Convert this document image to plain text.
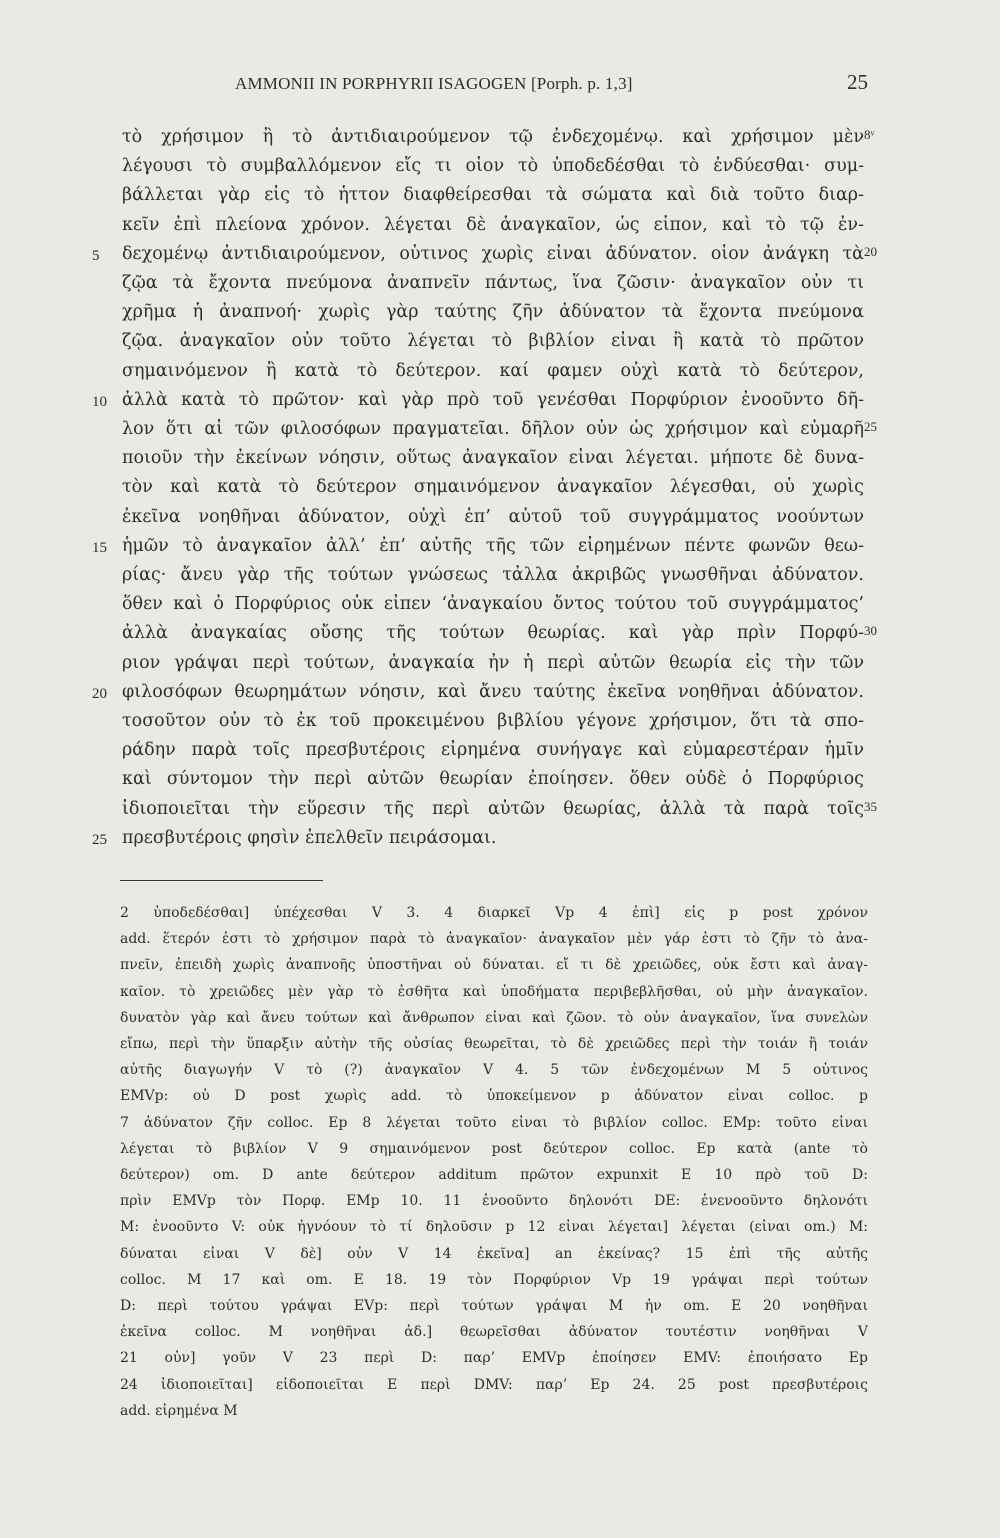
AMMONII IN PORPHYRII ISAGOGEN [Porph. p. 1,3]	25
τὸ χρήσιμον ἢ τὸ ἀντιδιαιρούμενον τῷ ἐνδεχομένῳ. καὶ χρήσιμον μὲν 8ᵛ
λέγουσι τὸ συμβαλλόμενον εἴς τι οἷον τὸ ὑποδεδέσθαι τὸ ἐνδύεσθαι· συμ-
βάλλεται γὰρ εἰς τὸ ἧττον διαφθείρεσθαι τὰ σώματα καὶ διὰ τοῦτο διαρ-
κεῖν ἐπὶ πλείονα χρόνον. λέγεται δὲ ἀναγκαῖον, ὡς εἶπον, καὶ τὸ τῷ ἐν-
5	δεχομένῳ ἀντιδιαιρούμενον, οὗτινος χωρὶς εἶναι ἀδύνατον. οἷον ἀνάγκη τὰ 20
ζῷα τὰ ἔχοντα πνεύμονα ἀναπνεῖν πάντως, ἵνα ζῶσιν· ἀναγκαῖον οὖν τι
χρῆμα ἡ ἀναπνοή· χωρὶς γὰρ ταύτης ζῆν ἀδύνατον τὰ ἔχοντα πνεύμονα
ζῷα. ἀναγκαῖον οὖν τοῦτο λέγεται τὸ βιβλίον εἶναι ἢ κατὰ τὸ πρῶτον
σημαινόμενον ἢ κατὰ τὸ δεύτερον. καί φαμεν οὐχὶ κατὰ τὸ δεύτερον,
10 ἀλλὰ κατὰ τὸ πρῶτον· καὶ γὰρ πρὸ τοῦ γενέσθαι Πορφύριον ἐνοοῦντο δῆ-
λον ὅτι αἱ τῶν φιλοσόφων πραγματεῖαι. δῆλον οὖν ὡς χρήσιμον καὶ εὐμαρῆ 25
ποιοῦν τὴν ἐκείνων νόησιν, οὕτως ἀναγκαῖον εἶναι λέγεται. μήποτε δὲ δυνα-
τὸν καὶ κατὰ τὸ δεύτερον σημαινόμενον ἀναγκαῖον λέγεσθαι, οὗ χωρὶς
ἐκεῖνα νοηθῆναι ἀδύνατον, οὐχὶ ἐπ’ αὐτοῦ τοῦ συγγράμματος νοούντων
15 ἡμῶν τὸ ἀναγκαῖον ἀλλ’ ἐπ’ αὐτῆς τῆς τῶν εἰρημένων πέντε φωνῶν θεω-
ρίας· ἄνευ γὰρ τῆς τούτων γνώσεως τἆλλα ἀκριβῶς γνωσθῆναι ἀδύνατον.
ὅθεν καὶ ὁ Πορφύριος οὐκ εἶπεν ‘ἀναγκαίου ὄντος τούτου τοῦ συγγράμματος’
ἀλλὰ ἀναγκαίας οὔσης τῆς τούτων θεωρίας. καὶ γὰρ πρὶν Πορφύ- 30
ριον γράψαι περὶ τούτων, ἀναγκαία ἦν ἡ περὶ αὐτῶν θεωρία εἰς τὴν τῶν
20 φιλοσόφων θεωρημάτων νόησιν, καὶ ἄνευ ταύτης ἐκεῖνα νοηθῆναι ἀδύνατον.
τοσοῦτον οὖν τὸ ἐκ τοῦ προκειμένου βιβλίου γέγονε χρήσιμον, ὅτι τὰ σπο-
ράδην παρὰ τοῖς πρεσβυτέροις εἰρημένα συνήγαγε καὶ εὐμαρεστέραν ἡμῖν
καὶ σύντομον τὴν περὶ αὐτῶν θεωρίαν ἐποίησεν. ὅθεν οὐδὲ ὁ Πορφύριος
ἰδιοποιεῖται τὴν εὕρεσιν τῆς περὶ αὐτῶν θεωρίας, ἀλλὰ τὰ παρὰ τοῖς 35
25 πρεσβυτέροις φησὶν ἐπελθεῖν πειράσομαι.
2 ὑποδεδέσθαι] ὑπέχεσθαι V 3. 4 διαρκεῖ Vp 4 ἐπὶ] εἰς p post χρόνον
add. ἕτερόν ἐστι τὸ χρήσιμον παρὰ τὸ ἀναγκαῖον· ἀναγκαῖον μὲν γάρ ἐστι τὸ ζῆν τὸ ἀνα-
πνεῖν, ἐπειδὴ χωρὶς ἀναπνοῆς ὑποστῆναι οὐ δύναται. εἴ τι δὲ χρειῶδες, οὐκ ἔστι καὶ ἀναγ-
καῖον. τὸ χρειῶδες μὲν γὰρ τὸ ἐσθῆτα καὶ ὑποδήματα περιβεβλῆσθαι, οὐ μὴν ἀναγκαῖον.
δυνατὸν γὰρ καὶ ἄνευ τούτων καὶ ἄνθρωπον εἶναι καὶ ζῶον. τὸ οὖν ἀναγκαῖον, ἵνα συνελὼν
εἴπω, περὶ τὴν ὕπαρξιν αὐτὴν τῆς οὐσίας θεωρεῖται, τὸ δὲ χρειῶδες περὶ τὴν τοιάν ἢ τοιάν
αὐτῆς διαγωγήν V τὸ (?) ἀναγκαῖον V 4. 5 τῶν ἐνδεχομένων M 5 οὗτινος
EMVp: οὗ D post χωρὶς add. τὸ ὑποκείμενον p ἀδύνατον εἶναι colloc. p
7 ἀδύνατον ζῆν colloc. Ep 8 λέγεται τοῦτο εἶναι τὸ βιβλίον colloc. EMp: τοῦτο εἶναι
λέγεται τὸ βιβλίον V 9 σημαινόμενον post δεύτερον colloc. Ep κατὰ (ante τὸ
δεύτερον) om. D ante δεύτερον additum πρῶτον expunxit E 10 πρὸ τοῦ D:
πρὶν EMVp τὸν Πορφ. EMp 10. 11 ἐνοοῦντο δηλονότι DE: ἐνενοοῦντο δηλονότι
M: ἐνοοῦντο V: οὐκ ἠγνόουν τὸ τί δηλοῦσιν p 12 εἶναι λέγεται] λέγεται (εἶναι om.) M:
δύναται εἶναι V δὲ] οὖν V 14 ἐκεῖνα] an ἐκείνας? 15 ἐπὶ τῆς αὐτῆς
colloc. M 17 καὶ om. E 18. 19 τὸν Πορφύριον Vp 19 γράψαι περὶ τούτων
D: περὶ τούτου γράψαι EVp: περὶ τούτων γράψαι M ἦν om. E 20 νοηθῆναι
ἐκεῖνα colloc. M νοηθῆναι ἀδ.] θεωρεῖσθαι ἀδύνατον τουτέστιν νοηθῆναι V
21 οὖν] γοῦν V 23 περὶ D: παρ’ EMVp ἐποίησεν EMV: ἐποιήσατο Ep
24 ἰδιοποιεῖται] εἰδοποιεῖται E περὶ DMV: παρ’ Ep 24. 25 post πρεσβυτέροις
add. εἰρημένα M
